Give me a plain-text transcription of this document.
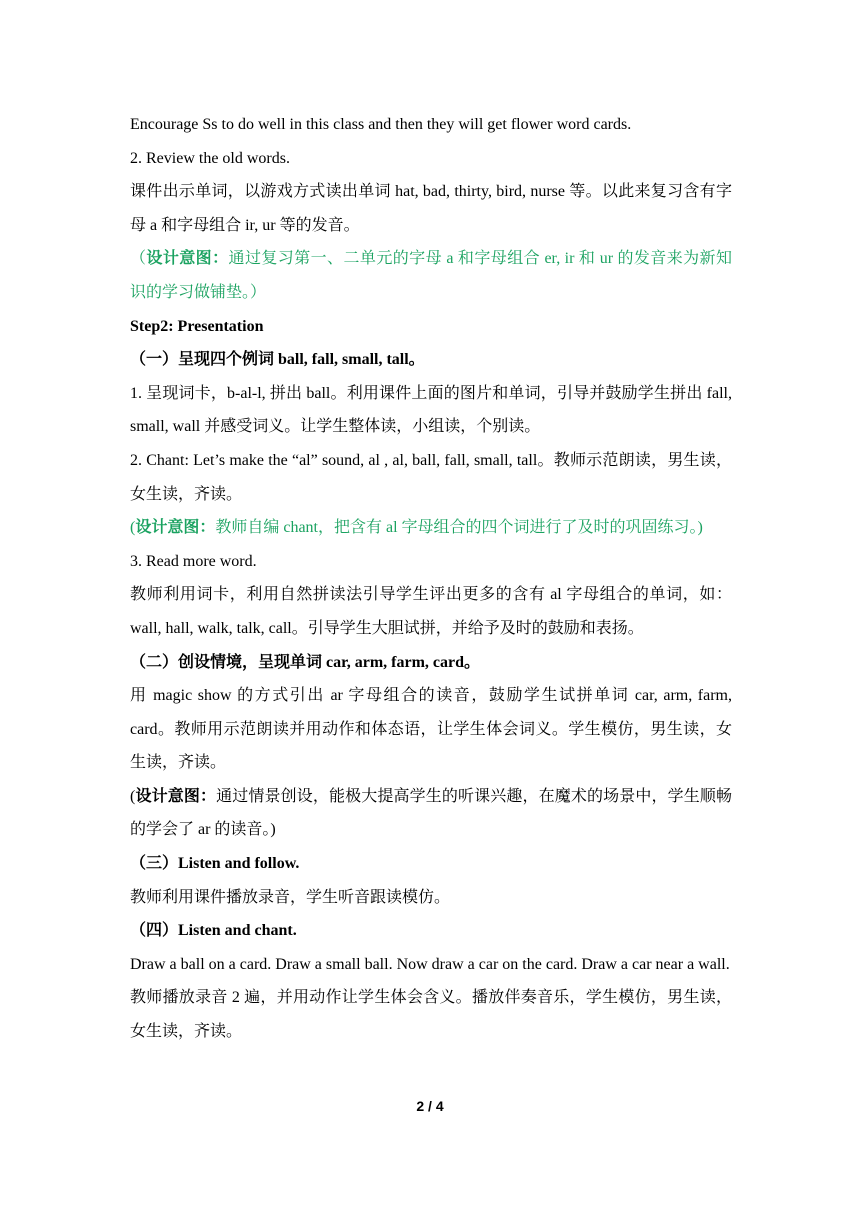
Encourage Ss to do well in this class and then they will get flower word cards.

2. Review the old words.

课件出示单词，以游戏方式读出单词 hat, bad, thirty, bird, nurse 等。以此来复习含有字母 a 和字母组合 ir, ur 等的发音。

（设计意图：通过复习第一、二单元的字母 a 和字母组合 er, ir 和 ur 的发音来为新知识的学习做铺垫。）

Step2: Presentation

（一）呈现四个例词 ball, fall, small, tall。

1. 呈现词卡，b-al-l, 拼出 ball。利用课件上面的图片和单词，引导并鼓励学生拼出 fall, small, wall 并感受词义。让学生整体读，小组读，个别读。

2. Chant: Let’s make the “al” sound, al , al, ball, fall, small, tall。教师示范朗读，男生读，女生读，齐读。

(设计意图：教师自编 chant，把含有 al 字母组合的四个词进行了及时的巩固练习。)

3. Read more word.

教师利用词卡，利用自然拼读法引导学生评出更多的含有 al 字母组合的单词，如：wall, hall, walk, talk, call。引导学生大胆试拼，并给予及时的鼓励和表扬。

（二）创设情境，呈现单词 car, arm, farm, card。

用 magic show 的方式引出 ar 字母组合的读音，鼓励学生试拼单词 car, arm, farm, card。教师用示范朗读并用动作和体态语，让学生体会词义。学生模仿，男生读，女生读，齐读。

(设计意图：通过情景创设，能极大提高学生的听课兴趣，在魔术的场景中，学生顺畅的学会了 ar 的读音。)

（三）Listen and follow.

教师利用课件播放录音，学生听音跟读模仿。

（四）Listen and chant.

Draw a ball on a card. Draw a small ball. Now draw a car on the card. Draw a car near a wall.

教师播放录音 2 遍，并用动作让学生体会含义。播放伴奏音乐，学生模仿，男生读，女生读，齐读。

2 / 4
